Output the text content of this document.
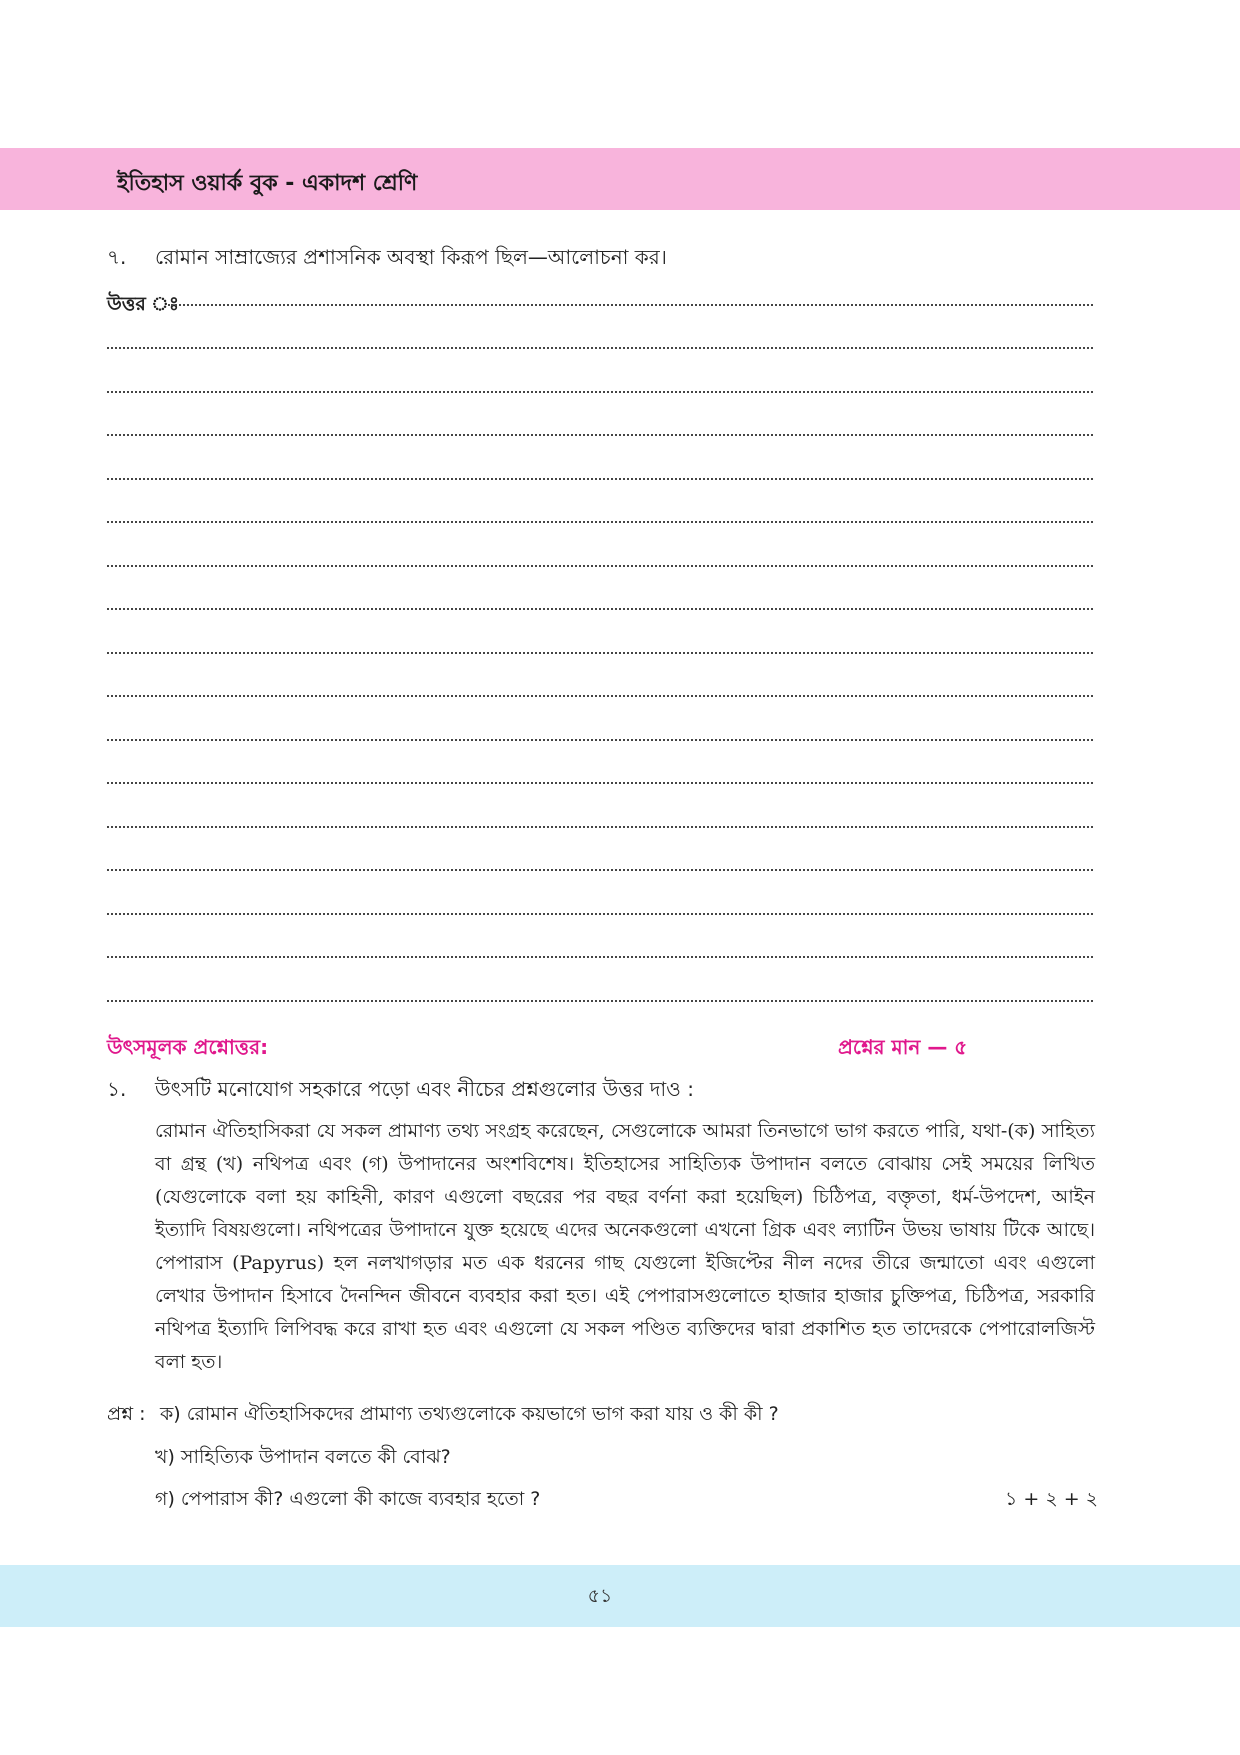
ইতিহাস ওয়ার্ক বুক - একাদশ শ্রেণি
৭. রোমান সাম্রাজ্যের প্রশাসনিক অবস্থা কিরূপ ছিল—আলোচনা কর।
উত্তর ঃ
উৎসমূলক প্রশ্নোত্তর:	প্রশ্নের মান — ৫
১. উৎসটি মনোযোগ সহকারে পড়ো এবং নীচের প্রশ্নগুলোর উত্তর দাও :
রোমান ঐতিহাসিকরা যে সকল প্রামাণ্য তথ্য সংগ্রহ করেছেন, সেগুলোকে আমরা তিনভাগে ভাগ করতে পারি, যথা-(ক) সাহিত্য বা গ্রন্থ (খ) নথিপত্র এবং (গ) উপাদানের অংশবিশেষ। ইতিহাসের সাহিত্যিক উপাদান বলতে বোঝায় সেই সময়ের লিখিত (যেগুলোকে বলা হয় কাহিনী, কারণ এগুলো বছরের পর বছর বর্ণনা করা হয়েছিল) চিঠিপত্র, বক্তৃতা, ধর্ম-উপদেশ, আইন ইত্যাদি বিষয়গুলো। নথিপত্রের উপাদানে যুক্ত হয়েছে এদের অনেকগুলো এখনো গ্রিক এবং ল্যাটিন উভয় ভাষায় টিকে আছে। পেপারাস (Papyrus) হল নলখাগড়ার মত এক ধরনের গাছ যেগুলো ইজিপ্টের নীল নদের তীরে জন্মাতো এবং এগুলো লেখার উপাদান হিসাবে দৈনন্দিন জীবনে ব্যবহার করা হত। এই পেপারাসগুলোতে হাজার হাজার চুক্তিপত্র, চিঠিপত্র, সরকারি নথিপত্র ইত্যাদি লিপিবদ্ধ করে রাখা হত এবং এগুলো যে সকল পণ্ডিত ব্যক্তিদের দ্বারা প্রকাশিত হত তাদেরকে পেপারোলজিস্ট বলা হত।
প্রশ্ন : ক) রোমান ঐতিহাসিকদের প্রামাণ্য তথ্যগুলোকে কয়ভাগে ভাগ করা যায় ও কী কী ?
খ) সাহিত্যিক উপাদান বলতে কী বোঝ?
গ) পেপারাস কী? এগুলো কী কাজে ব্যবহার হতো ?	১ + ২ + ২
৫১
